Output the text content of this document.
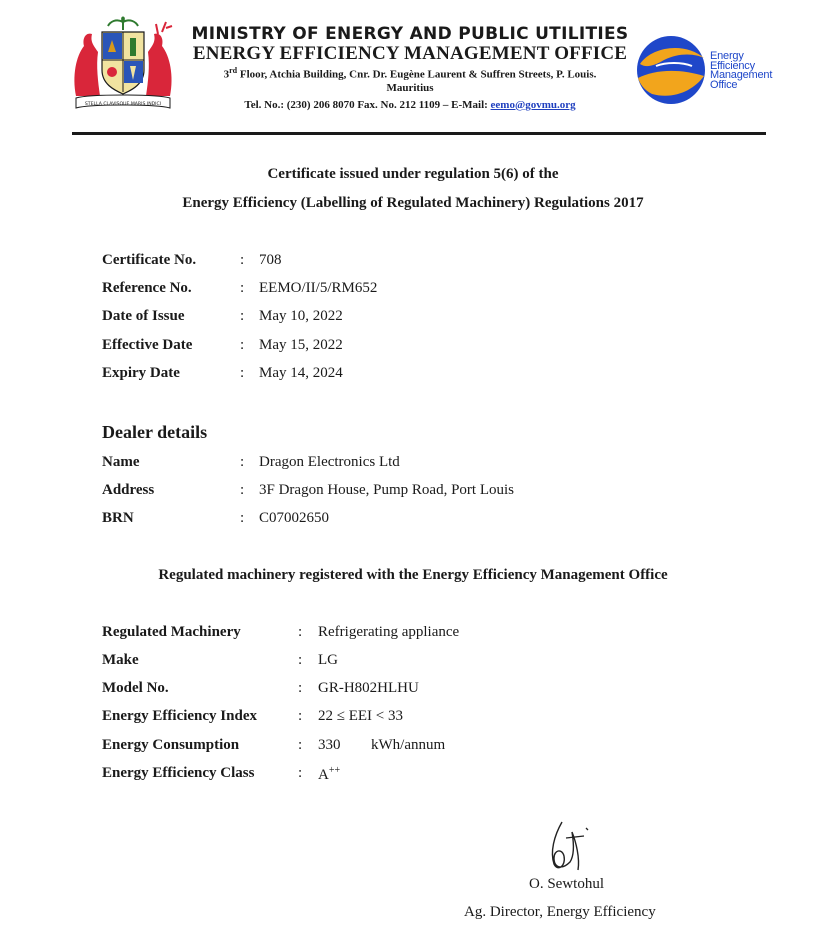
STELLA CLAVISQUE MARIS INDICI
MINISTRY OF ENERGY AND PUBLIC UTILITIES
ENERGY EFFICIENCY MANAGEMENT OFFICE
3rd Floor, Atchia Building, Cnr. Dr. Eugène Laurent & Suffren Streets, P. Louis.
Mauritius
Tel. No.: (230) 206 8070 Fax. No. 212 1109 – E-Mail: eemo@govmu.org
Energy
Efficiency
Management
Office
Certificate issued under regulation 5(6) of the
Energy Efficiency (Labelling of Regulated Machinery) Regulations 2017
Certificate No.	: 708
Reference No.	: EEMO/II/5/RM652
Date of Issue	: May 10, 2022
Effective Date	: May 15, 2022
Expiry Date	: May 14, 2024
Dealer details
Name	: Dragon Electronics Ltd
Address	: 3F Dragon House, Pump Road, Port Louis
BRN	: C07002650
Regulated machinery registered with the Energy Efficiency Management Office
Regulated Machinery	: Refrigerating appliance
Make	: LG
Model No.	: GR-H802HLHU
Energy Efficiency Index	: 22 ≤ EEI < 33
Energy Consumption	: 330 kWh/annum
Energy Efficiency Class	: A++
O. Sewtohul
Ag. Director, Energy Efficiency
